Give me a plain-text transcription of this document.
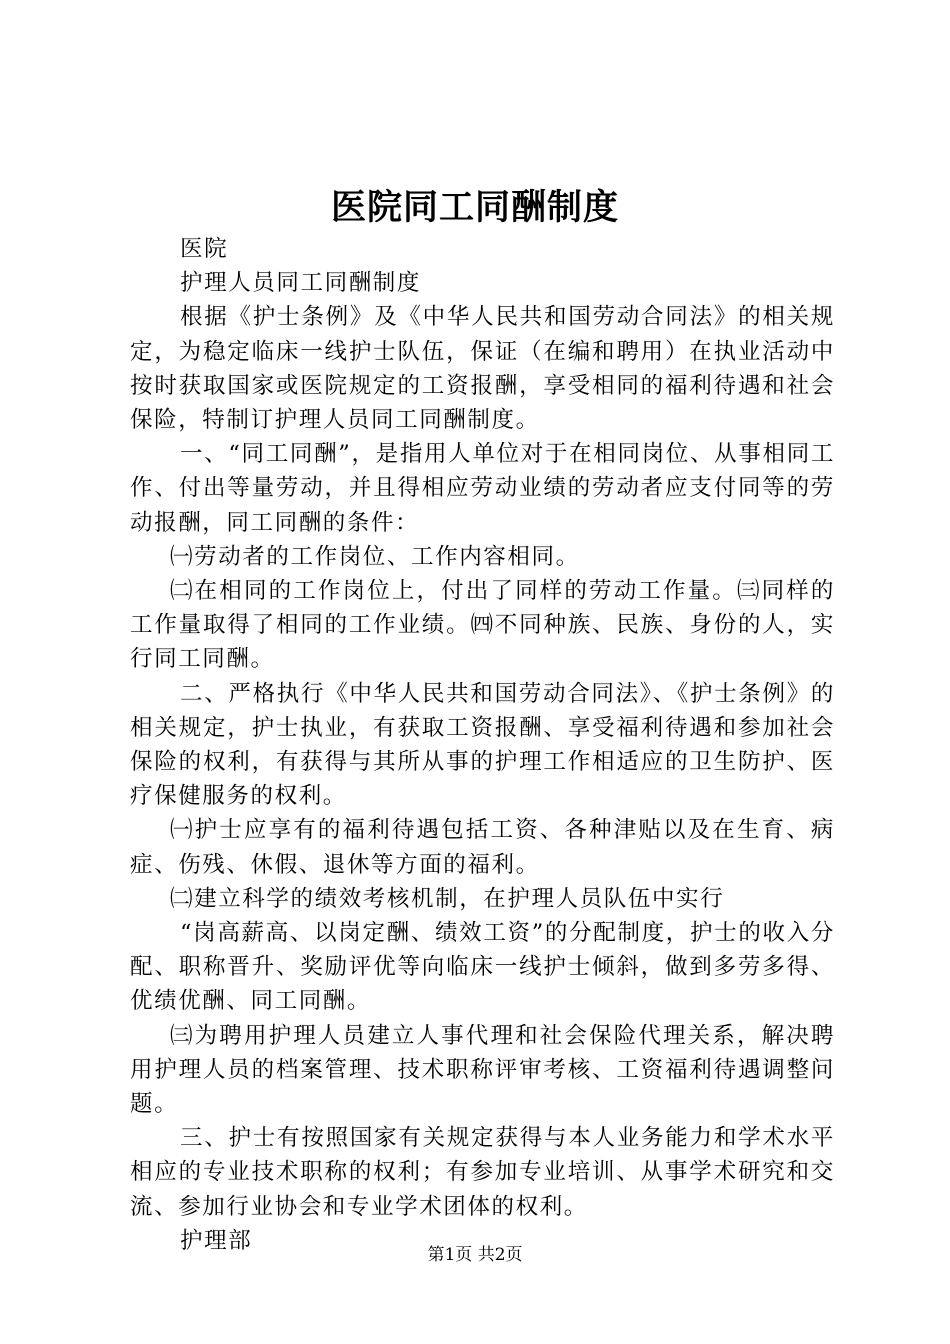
医院同工同酬制度

医院

护理人员同工同酬制度

根据《护士条例》及《中华人民共和国劳动合同法》的相关规定，为稳定临床一线护士队伍，保证（在编和聘用）在执业活动中按时获取国家或医院规定的工资报酬，享受相同的福利待遇和社会保险，特制订护理人员同工同酬制度。

一、“同工同酬”，是指用人单位对于在相同岗位、从事相同工作、付出等量劳动，并且得相应劳动业绩的劳动者应支付同等的劳动报酬，同工同酬的条件：

㈠劳动者的工作岗位、工作内容相同。

㈡在相同的工作岗位上，付出了同样的劳动工作量。㈢同样的工作量取得了相同的工作业绩。㈣不同种族、民族、身份的人，实行同工同酬。

二、严格执行《中华人民共和国劳动合同法》、《护士条例》的相关规定，护士执业，有获取工资报酬、享受福利待遇和参加社会保险的权利，有获得与其所从事的护理工作相适应的卫生防护、医疗保健服务的权利。

㈠护士应享有的福利待遇包括工资、各种津贴以及在生育、病症、伤残、休假、退休等方面的福利。

㈡建立科学的绩效考核机制，在护理人员队伍中实行

“岗高薪高、以岗定酬、绩效工资”的分配制度，护士的收入分配、职称晋升、奖励评优等向临床一线护士倾斜，做到多劳多得、优绩优酬、同工同酬。

㈢为聘用护理人员建立人事代理和社会保险代理关系，解决聘用护理人员的档案管理、技术职称评审考核、工资福利待遇调整问题。

三、护士有按照国家有关规定获得与本人业务能力和学术水平相应的专业技术职称的权利；有参加专业培训、从事学术研究和交流、参加行业协会和专业学术团体的权利。

护理部

第1页 共2页
